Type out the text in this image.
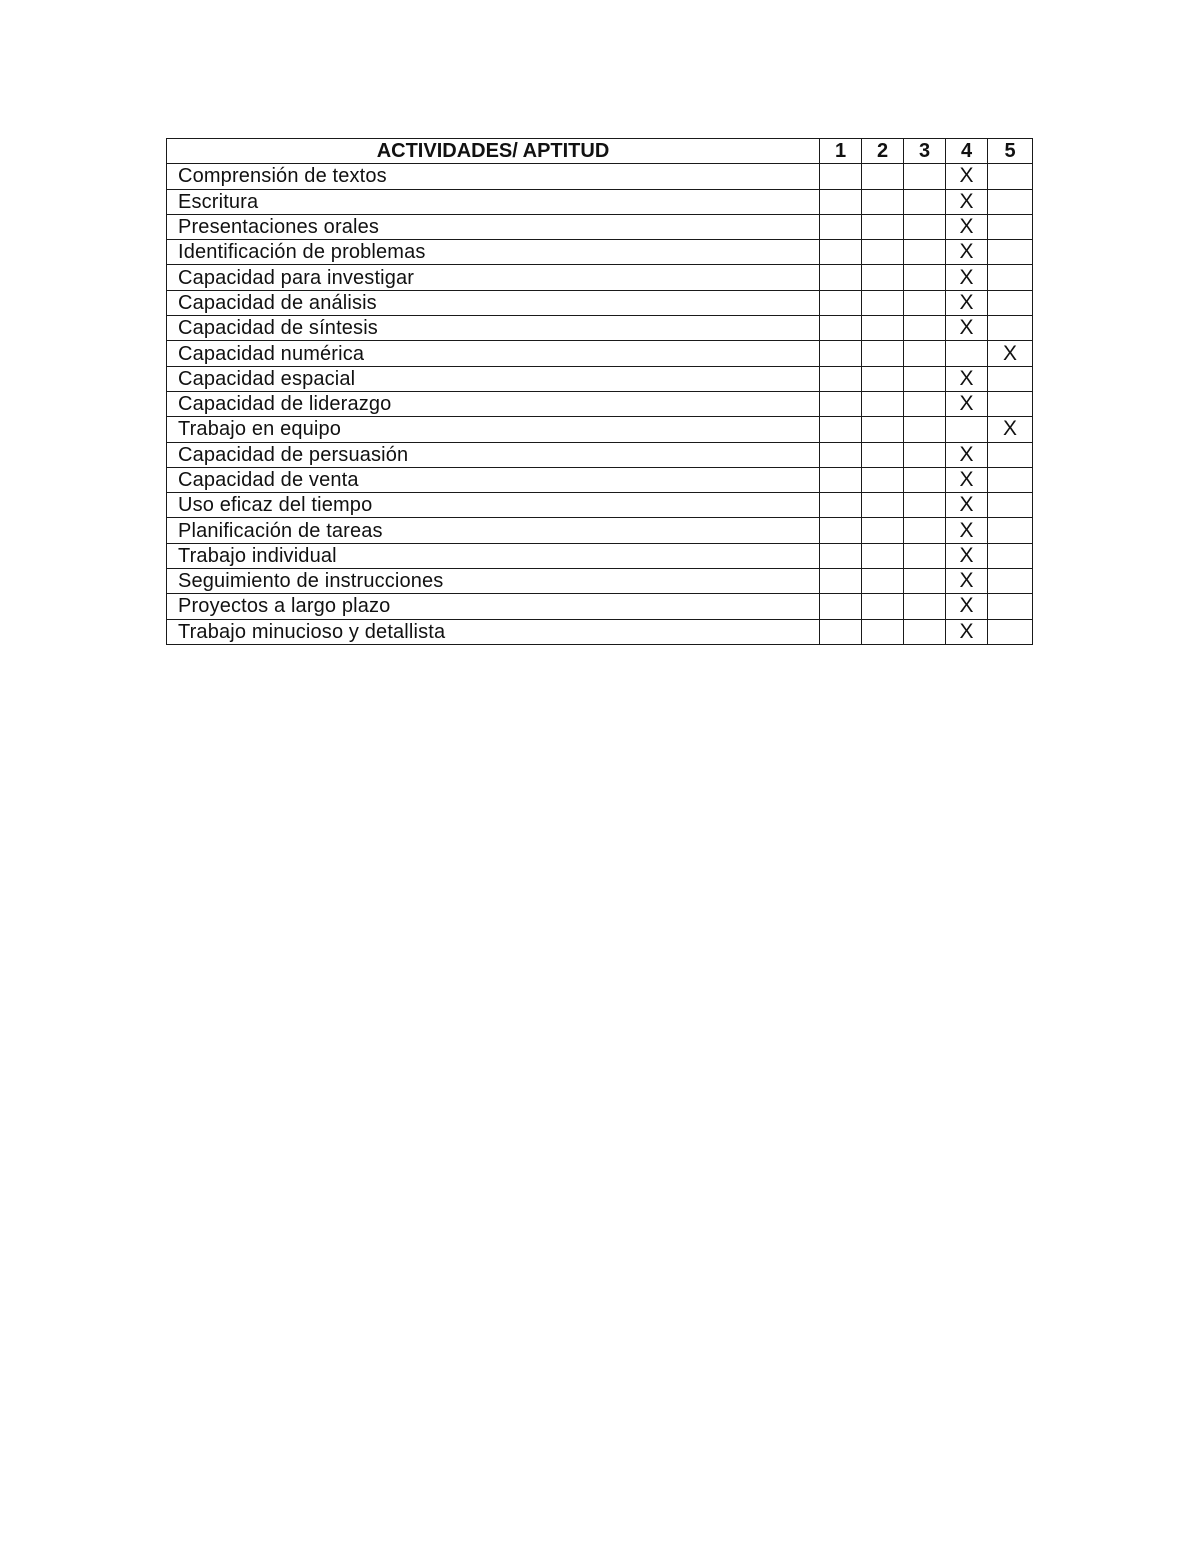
ACTIVIDADES/ APTITUD	1	2	3	4	5
Comprensión de textos				X	
Escritura				X	
Presentaciones orales				X	
Identificación de problemas				X	
Capacidad para investigar				X	
Capacidad de análisis				X	
Capacidad de síntesis				X	
Capacidad numérica					X
Capacidad espacial				X	
Capacidad de liderazgo				X	
Trabajo en equipo					X
Capacidad de persuasión				X	
Capacidad de venta				X	
Uso eficaz del tiempo				X	
Planificación de tareas				X	
Trabajo individual				X	
Seguimiento de instrucciones				X	
Proyectos a largo plazo				X	
Trabajo minucioso y detallista				X	
